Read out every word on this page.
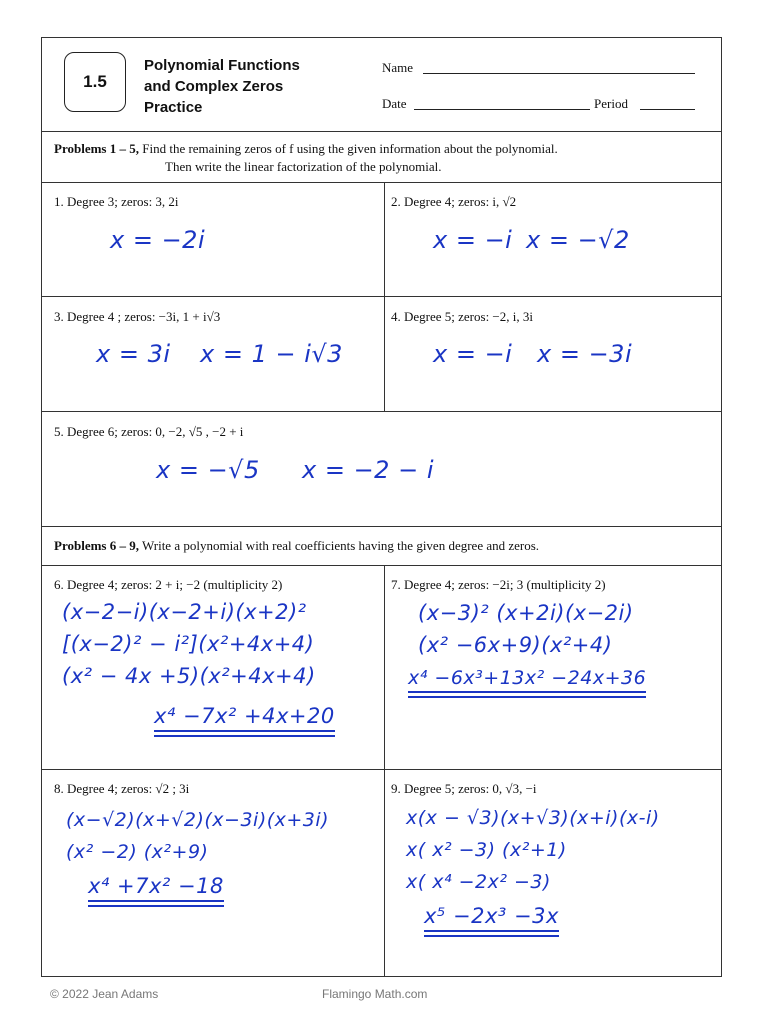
1.5
Polynomial Functions
and Complex Zeros
Practice
Name
Date	Period
Problems 1 – 5, Find the remaining zeros of f using the given information about the polynomial.
Then write the linear factorization of the polynomial.
1. Degree 3; zeros: 3, 2i
x = −2i
2. Degree 4; zeros: i, √2
x = −i x = −√2
3. Degree 4 ; zeros: −3i, 1 + i√3
x = 3i x = 1 − i√3
4. Degree 5; zeros: −2, i, 3i
x = −i x = −3i
5. Degree 6; zeros: 0, −2, √5 , −2 + i
x = −√5 x = −2 − i
Problems 6 – 9, Write a polynomial with real coefficients having the given degree and zeros.
6. Degree 4; zeros: 2 + i; −2 (multiplicity 2)
(x−2−i)(x−2+i)(x+2)²
[(x−2)² − i²](x²+4x+4)
(x² − 4x +5)(x²+4x+4)
x⁴ −7x² +4x+20
7. Degree 4; zeros: −2i; 3 (multiplicity 2)
(x−3)² (x+2i)(x−2i)
(x² −6x+9)(x²+4)
x⁴ −6x³+13x² −24x+36
8. Degree 4; zeros: √2 ; 3i
(x−√2)(x+√2)(x−3i)(x+3i)
(x² −2) (x²+9)
x⁴ +7x² −18
9. Degree 5; zeros: 0, √3, −i
x(x − √3)(x+√3)(x+i)(x-i)
x( x² −3) (x²+1)
x( x⁴ −2x² −3)
x⁵ −2x³ −3x
© 2022 Jean Adams	Flamingo Math.com
